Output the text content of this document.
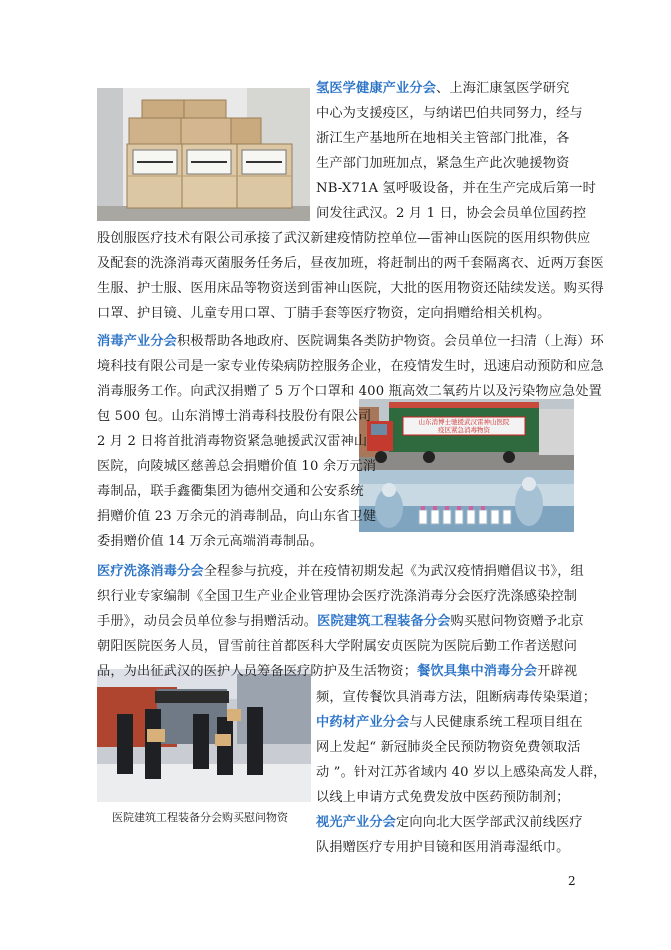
山东消博士驰援武汉雷神山医院
疫区紧急消毒物资
氢医学健康产业分会、上海汇康氢医学研究
中心为支援疫区，与纳诺巴伯共同努力，经与
浙江生产基地所在地相关主管部门批准，各
生产部门加班加点，紧急生产此次驰援物资
NB-X71A 氢呼吸设备，并在生产完成后第一时
间发往武汉。2 月 1 日，协会会员单位国药控
股创服医疗技术有限公司承接了武汉新建疫情防控单位—雷神山医院的医用织物供应
及配套的洗涤消毒灭菌服务任务后，昼夜加班，将赶制出的两千套隔离衣、近两万套医
生服、护士服、医用床品等物资送到雷神山医院，大批的医用物资还陆续发送。购买得
口罩、护目镜、儿童专用口罩、丁腈手套等医疗物资，定向捐赠给相关机构。
消毒产业分会积极帮助各地政府、医院调集各类防护物资。会员单位一扫清（上海）环
境科技有限公司是一家专业传染病防控服务企业，在疫情发生时，迅速启动预防和应急
消毒服务工作。向武汉捐赠了 5 万个口罩和 400 瓶高效二氧药片以及污染物应急处置
包 500 包。山东消博士消毒科技股份有限公司
2 月 2 日将首批消毒物资紧急驰援武汉雷神山
医院，向陵城区慈善总会捐赠价值 10 余万元消
毒制品，联手鑫衢集团为德州交通和公安系统
捐赠价值 23 万余元的消毒制品，向山东省卫健
委捐赠价值 14 万余元高端消毒制品。
医疗洗涤消毒分会全程参与抗疫，并在疫情初期发起《为武汉疫情捐赠倡议书》，组
织行业专家编制《全国卫生产业企业管理协会医疗洗涤消毒分会医疗洗涤感染控制
手册》，动员会员单位参与捐赠活动。医院建筑工程装备分会购买慰问物资赠予北京
朝阳医院医务人员，冒雪前往首都医科大学附属安贞医院为医院后勤工作者送慰问
品，为出征武汉的医护人员筹备医疗防护及生活物资；餐饮具集中消毒分会开辟视
频，宣传餐饮具消毒方法，阻断病毒传染渠道；
中药材产业分会与人民健康系统工程项目组在
网上发起“ 新冠肺炎全民预防物资免费领取活
动 ”。针对江苏省域内 40 岁以上感染高发人群，
以线上申请方式免费发放中医药预防制剂；
视光产业分会定向向北大医学部武汉前线医疗
队捐赠医疗专用护目镜和医用消毒湿纸巾。
医院建筑工程装备分会购买慰问物资
2
